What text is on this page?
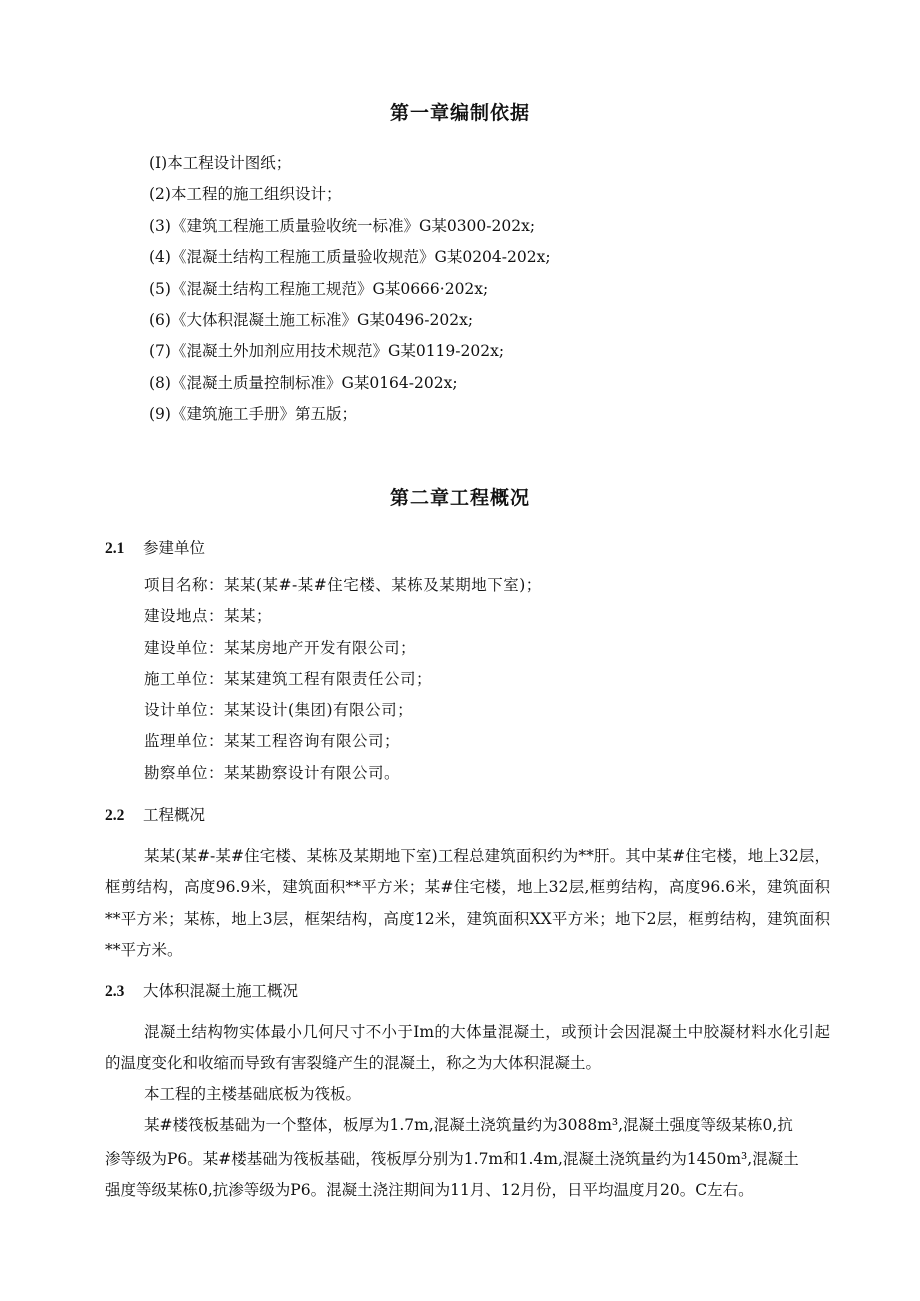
第一章编制依据
(I)本工程设计图纸；
(2)本工程的施工组织设计；
(3)《建筑工程施工质量验收统一标准》G某0300-202x;
(4)《混凝土结构工程施工质量验收规范》G某0204-202x;
(5)《混凝土结构工程施工规范》G某0666·202x;
(6)《大体积混凝土施工标准》G某0496-202x;
(7)《混凝土外加剂应用技术规范》G某0119-202x;
(8)《混凝土质量控制标准》G某0164-202x;
(9)《建筑施工手册》第五版；
第二章工程概况
2.1 参建单位
项目名称：某某(某#-某#住宅楼、某栋及某期地下室)；
建设地点：某某；
建设单位：某某房地产开发有限公司；
施工单位：某某建筑工程有限责任公司；
设计单位：某某设计(集团)有限公司；
监理单位：某某工程咨询有限公司；
勘察单位：某某勘察设计有限公司。
2.2 工程概况
某某(某#-某#住宅楼、某栋及某期地下室)工程总建筑面积约为**肝。其中某#住宅楼，地上32层，框剪结构，高度96.9米，建筑面积**平方米；某#住宅楼，地上32层,框剪结构，高度96.6米，建筑面积**平方米；某栋，地上3层，框架结构，高度12米，建筑面积XX平方米；地下2层，框剪结构，建筑面积**平方米。
2.3 大体积混凝土施工概况
混凝土结构物实体最小几何尺寸不小于Im的大体量混凝土，或预计会因混凝土中胶凝材料水化引起的温度变化和收缩而导致有害裂缝产生的混凝土，称之为大体积混凝土。
本工程的主楼基础底板为筏板。
某#楼筏板基础为一个整体，板厚为1.7m,混凝土浇筑量约为3088m³,混凝土强度等级某栋0,抗
渗等级为P6。某#楼基础为筏板基础，筏板厚分别为1.7m和1.4m,混凝土浇筑量约为1450m³,混凝土
强度等级某栋0,抗渗等级为P6。混凝土浇注期间为11月、12月份，日平均温度月20。C左右。
